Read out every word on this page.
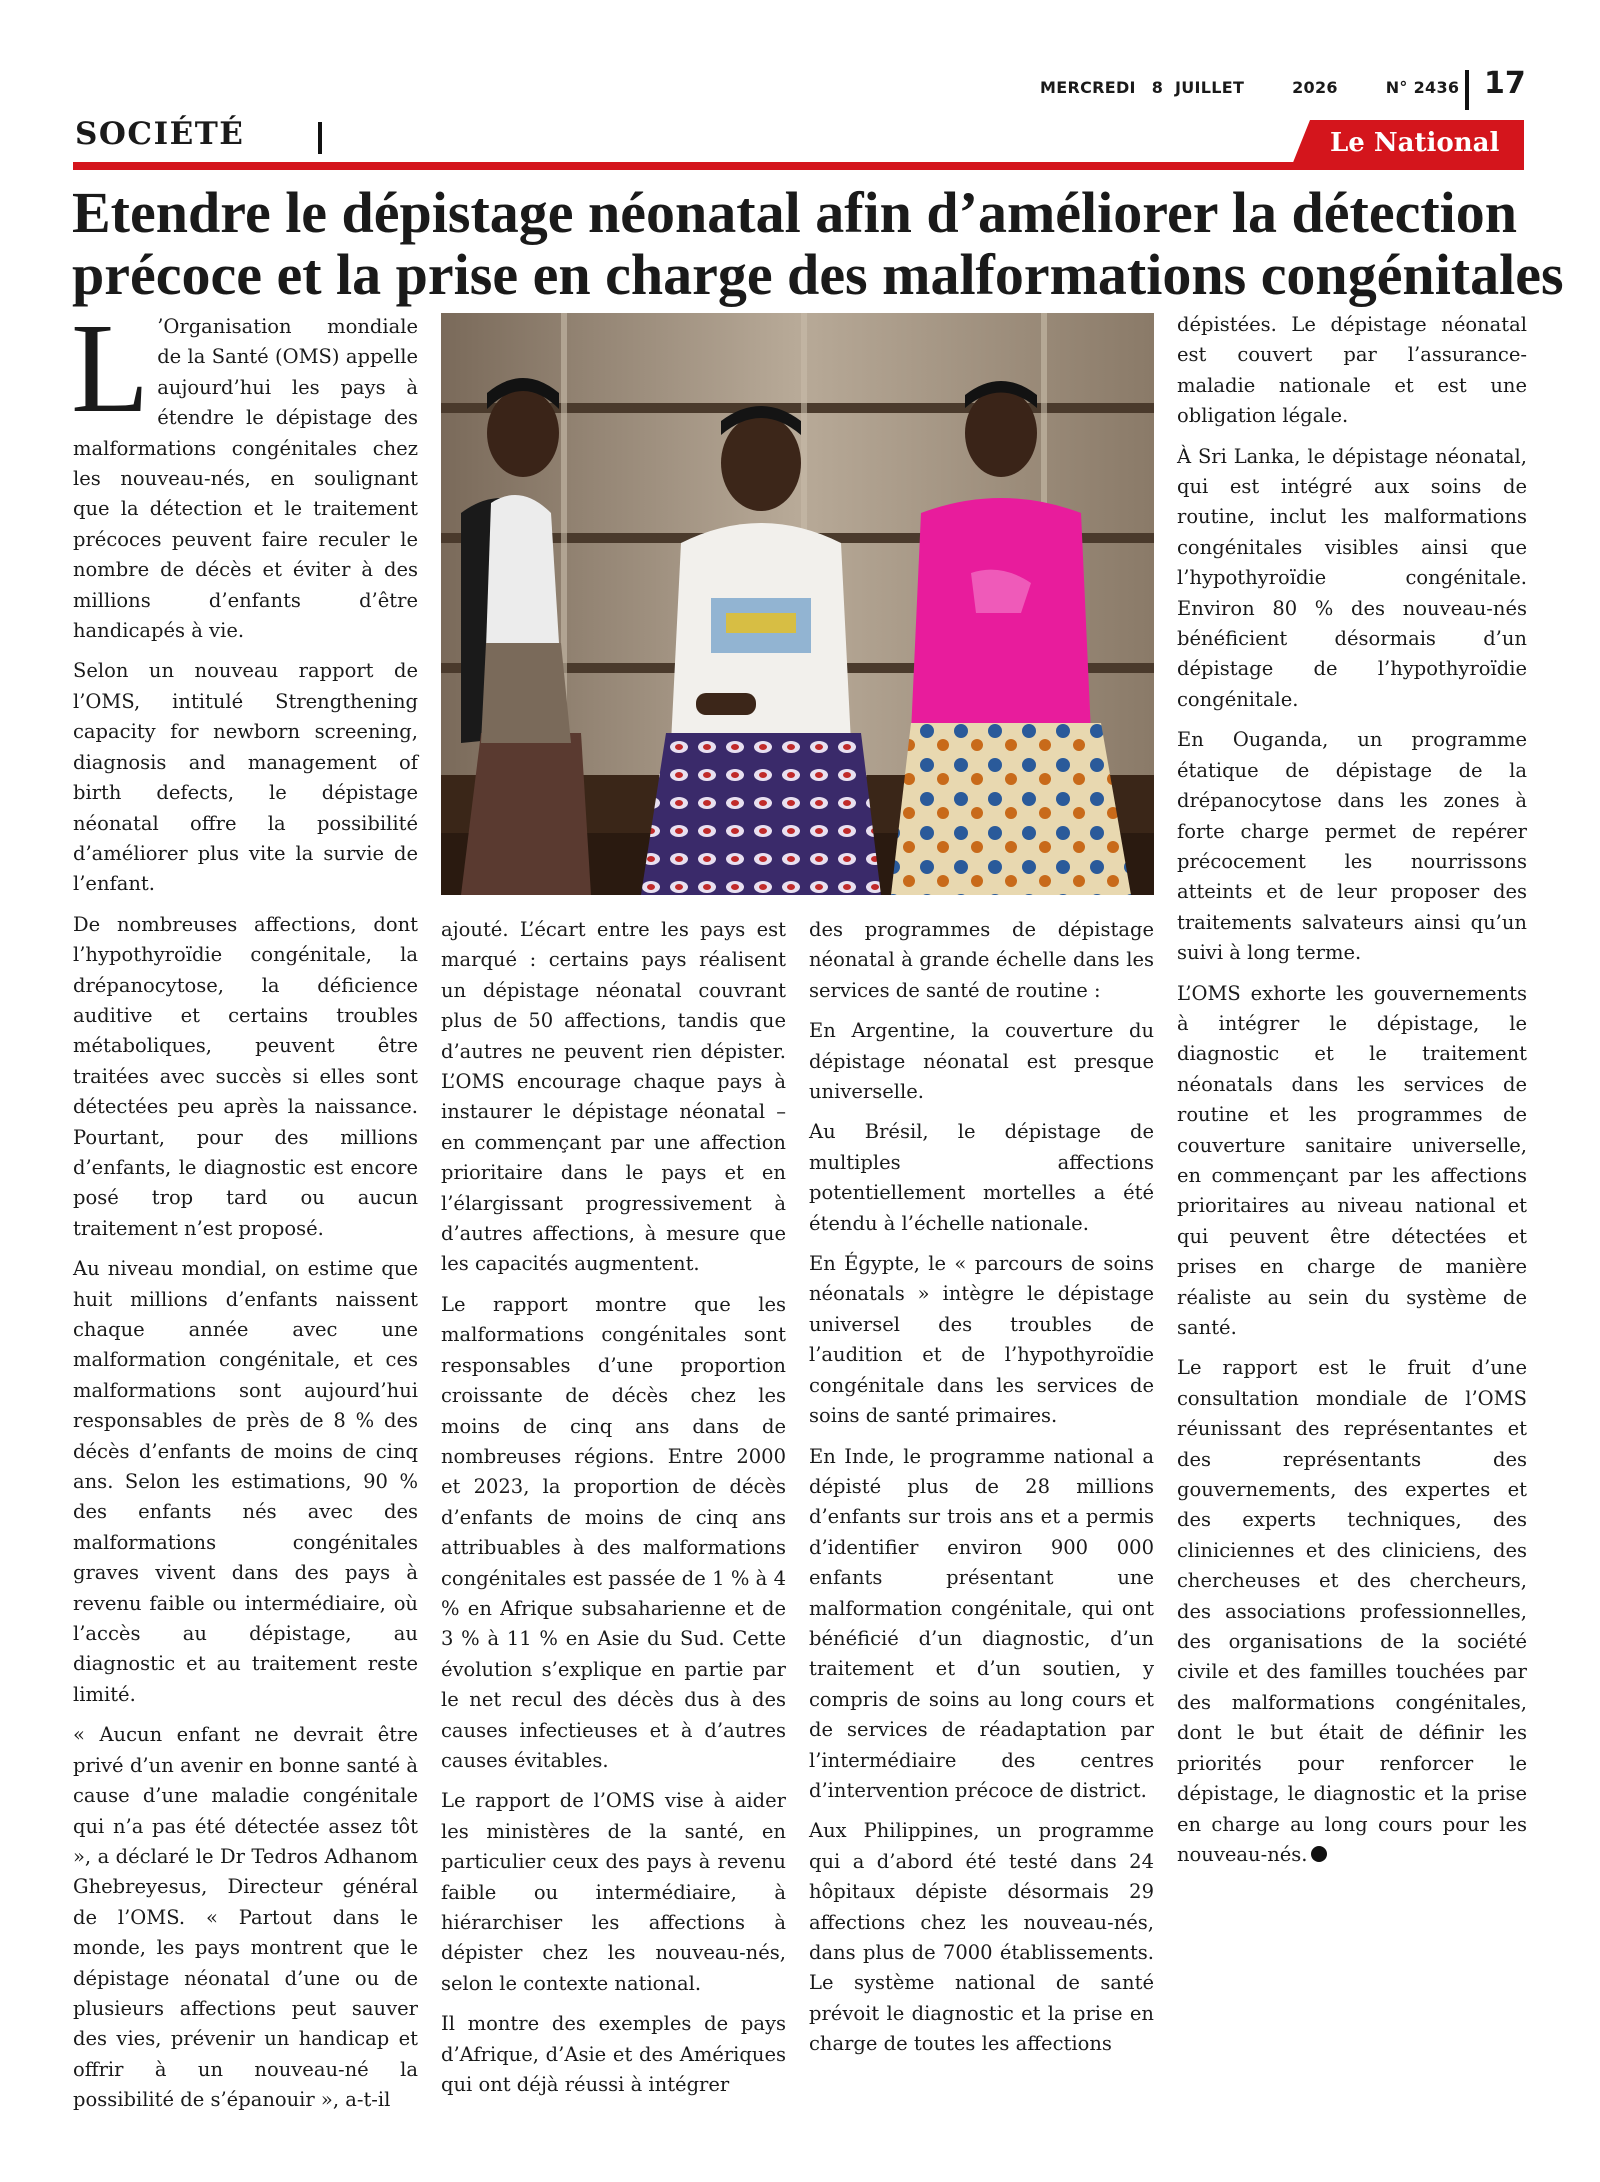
MERCREDI 8 JUILLET	2026	N° 2436 17
SOCIÉTÉ	Le National
Etendre le dépistage néonatal afin d’améliorer la détection
précoce et la prise en charge des malformations congénitales

L ’Organisation mondiale de la Santé (OMS) appelle aujourd’hui les pays à étendre le dépistage des malformations congénitales chez les nouveau-nés, en soulignant que la détection et le traitement précoces peuvent faire reculer le nombre de décès et éviter à des millions d’enfants d’être handicapés à vie.

Selon un nouveau rapport de l’OMS, intitulé Strengthening capacity for newborn screening, diagnosis and management of birth defects, le dépistage néonatal offre la possibilité d’améliorer plus vite la survie de l’enfant.

De nombreuses affections, dont l’hypothyroïdie congénitale, la drépanocytose, la déficience auditive et certains troubles métaboliques, peuvent être traitées avec succès si elles sont détectées peu après la naissance. Pourtant, pour des millions d’enfants, le diagnostic est encore posé trop tard ou aucun traitement n’est proposé.

Au niveau mondial, on estime que huit millions d’enfants naissent chaque année avec une malformation congénitale, et ces malformations sont aujourd’hui responsables de près de 8 % des décès d’enfants de moins de cinq ans. Selon les estimations, 90 % des enfants nés avec des malformations congénitales graves vivent dans des pays à revenu faible ou intermédiaire, où l’accès au dépistage, au diagnostic et au traitement reste limité.

« Aucun enfant ne devrait être privé d’un avenir en bonne santé à cause d’une maladie congénitale qui n’a pas été détectée assez tôt », a déclaré le Dr Tedros Adhanom Ghebreyesus, Directeur général de l’OMS. « Partout dans le monde, les pays montrent que le dépistage néonatal d’une ou de plusieurs affections peut sauver des vies, prévenir un handicap et offrir à un nouveau-né la possibilité de s’épanouir », a-t-il

ajouté. L’écart entre les pays est marqué : certains pays réalisent un dépistage néonatal couvrant plus de 50 affections, tandis que d’autres ne peuvent rien dépister. L’OMS encourage chaque pays à instaurer le dépistage néonatal – en commençant par une affection prioritaire dans le pays et en l’élargissant progressivement à d’autres affections, à mesure que les capacités augmentent.

Le rapport montre que les malformations congénitales sont responsables d’une proportion croissante de décès chez les moins de cinq ans dans de nombreuses régions. Entre 2000 et 2023, la proportion de décès d’enfants de moins de cinq ans attribuables à des malformations congénitales est passée de 1 % à 4 % en Afrique subsaharienne et de 3 % à 11 % en Asie du Sud. Cette évolution s’explique en partie par le net recul des décès dus à des causes infectieuses et à d’autres causes évitables.

Le rapport de l’OMS vise à aider les ministères de la santé, en particulier ceux des pays à revenu faible ou intermédiaire, à hiérarchiser les affections à dépister chez les nouveau-nés, selon le contexte national.

Il montre des exemples de pays d’Afrique, d’Asie et des Amériques qui ont déjà réussi à intégrer

des programmes de dépistage néonatal à grande échelle dans les services de santé de routine :

En Argentine, la couverture du dépistage néonatal est presque universelle.

Au Brésil, le dépistage de multiples affections potentiellement mortelles a été étendu à l’échelle nationale.

En Égypte, le « parcours de soins néonatals » intègre le dépistage universel des troubles de l’audition et de l’hypothyroïdie congénitale dans les services de soins de santé primaires.

En Inde, le programme national a dépisté plus de 28 millions d’enfants sur trois ans et a permis d’identifier environ 900 000 enfants présentant une malformation congénitale, qui ont bénéficié d’un diagnostic, d’un traitement et d’un soutien, y compris de soins au long cours et de services de réadaptation par l’intermédiaire des centres d’intervention précoce de district.

Aux Philippines, un programme qui a d’abord été testé dans 24 hôpitaux dépiste désormais 29 affections chez les nouveau-nés, dans plus de 7000 établissements. Le système national de santé prévoit le diagnostic et la prise en charge de toutes les affections

dépistées. Le dépistage néonatal est couvert par l’assurance-maladie nationale et est une obligation légale.

À Sri Lanka, le dépistage néonatal, qui est intégré aux soins de routine, inclut les malformations congénitales visibles ainsi que l’hypothyroïdie congénitale. Environ 80 % des nouveau-nés bénéficient désormais d’un dépistage de l’hypothyroïdie congénitale.

En Ouganda, un programme étatique de dépistage de la drépanocytose dans les zones à forte charge permet de repérer précocement les nourrissons atteints et de leur proposer des traitements salvateurs ainsi qu’un suivi à long terme.

L’OMS exhorte les gouvernements à intégrer le dépistage, le diagnostic et le traitement néonatals dans les services de routine et les programmes de couverture sanitaire universelle, en commençant par les affections prioritaires au niveau national et qui peuvent être détectées et prises en charge de manière réaliste au sein du système de santé.

Le rapport est le fruit d’une consultation mondiale de l’OMS réunissant des représentantes et des représentants des gouvernements, des expertes et des experts techniques, des cliniciennes et des cliniciens, des chercheuses et des chercheurs, des associations professionnelles, des organisations de la société civile et des familles touchées par des malformations congénitales, dont le but était de définir les priorités pour renforcer le dépistage, le diagnostic et la prise en charge au long cours pour les nouveau-nés.
